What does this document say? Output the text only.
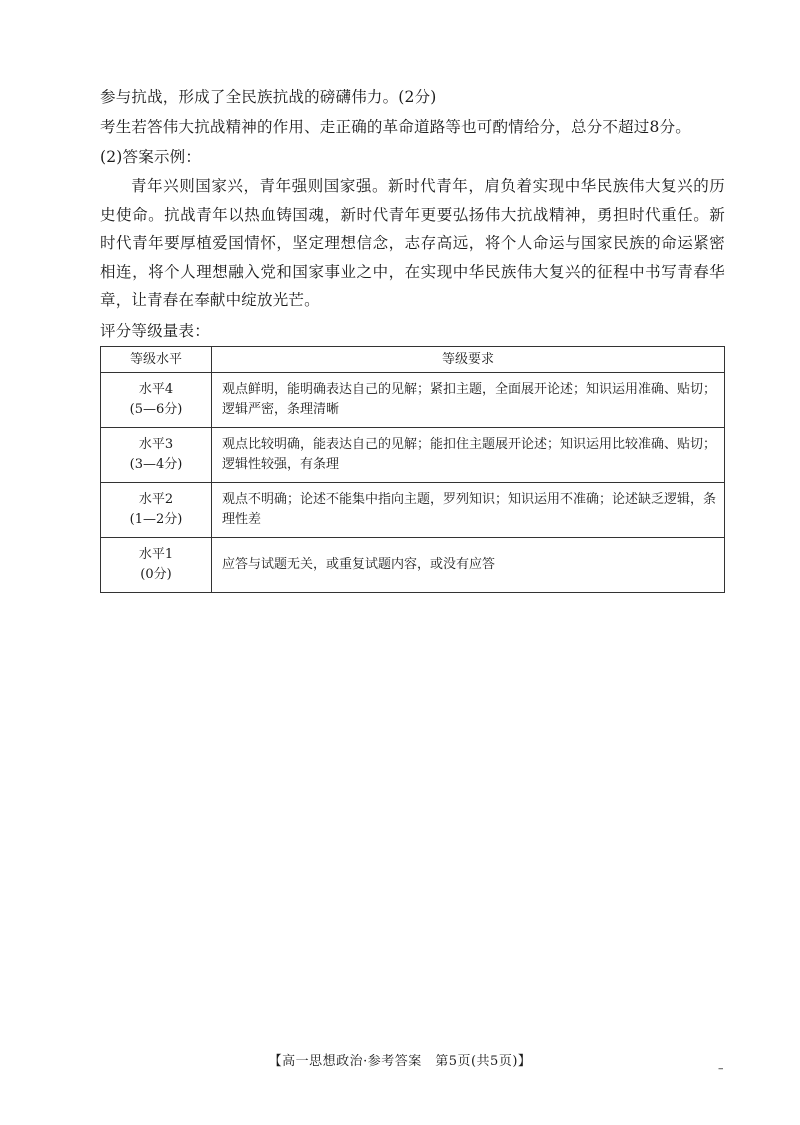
参与抗战，形成了全民族抗战的磅礴伟力。(2分)
考生若答伟大抗战精神的作用、走正确的革命道路等也可酌情给分，总分不超过8分。
(2)答案示例：
青年兴则国家兴，青年强则国家强。新时代青年，肩负着实现中华民族伟大复兴的历史使命。抗战青年以热血铸国魂，新时代青年更要弘扬伟大抗战精神，勇担时代重任。新时代青年要厚植爱国情怀，坚定理想信念，志存高远，将个人命运与国家民族的命运紧密相连，将个人理想融入党和国家事业之中，在实现中华民族伟大复兴的征程中书写青春华章，让青春在奉献中绽放光芒。
评分等级量表：
等级水平	等级要求

水平4
(5—6分)	观点鲜明，能明确表达自己的见解；紧扣主题，全面展开论述；知识运用准确、贴切；逻辑严密，条理清晰

水平3
(3—4分)	观点比较明确，能表达自己的见解；能扣住主题展开论述；知识运用比较准确、贴切；逻辑性较强，有条理

水平2
(1—2分)	观点不明确；论述不能集中指向主题，罗列知识；知识运用不准确；论述缺乏逻辑，条理性差

水平1
(0分)	应答与试题无关，或重复试题内容，或没有应答
【高一思想政治·参考答案　第5页(共5页)】	–
